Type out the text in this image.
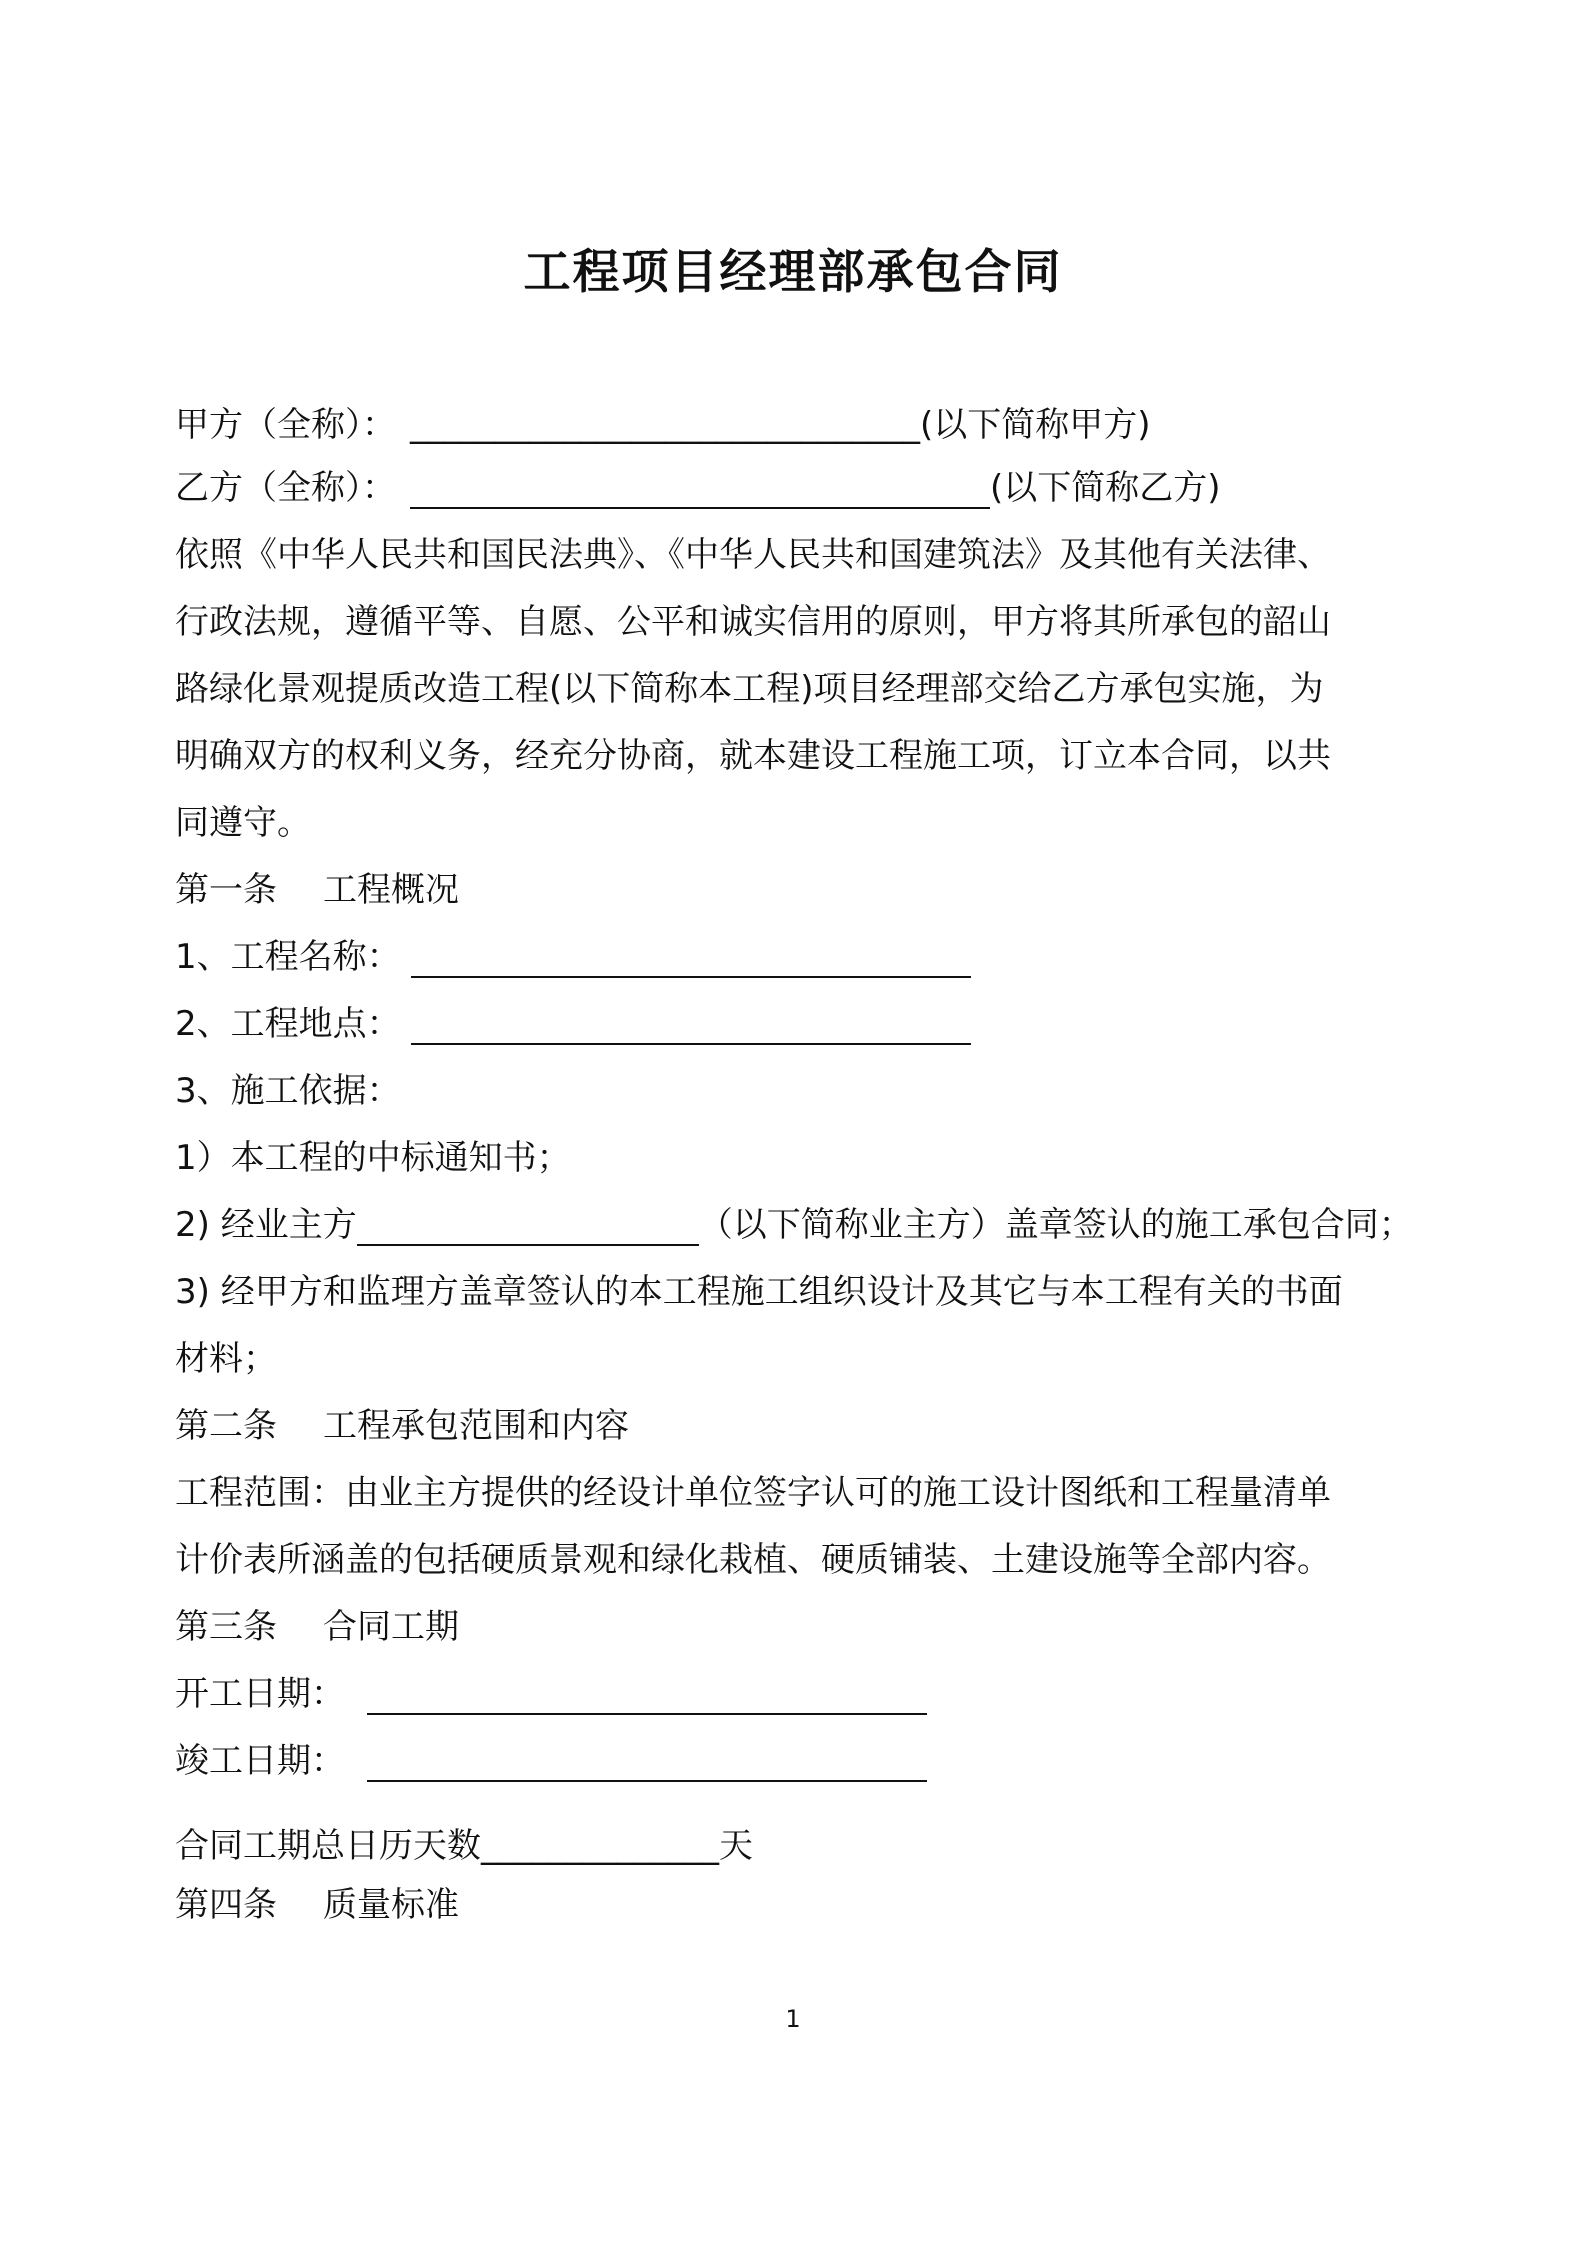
工程项目经理部承包合同
甲方（全称）： ______________________________(以下简称甲方)
乙方（全称）：	(以下简称乙方)
依照《中华人民共和国民法典》、《中华人民共和国建筑法》及其他有关法律、
行政法规，遵循平等、自愿、公平和诚实信用的原则，甲方将其所承包的韶山
路绿化景观提质改造工程(以下简称本工程)项目经理部交给乙方承包实施，为
明确双方的权利义务，经充分协商，就本建设工程施工项，订立本合同，以共
同遵守。
第一条 工程概况
1、工程名称：
2、工程地点：
3、施工依据：
1）本工程的中标通知书；
2) 经业主方	（以下简称业主方）盖章签认的施工承包合同；
3) 经甲方和监理方盖章签认的本工程施工组织设计及其它与本工程有关的书面
材料；
第二条 工程承包范围和内容
工程范围：由业主方提供的经设计单位签字认可的施工设计图纸和工程量清单
计价表所涵盖的包括硬质景观和绿化栽植、硬质铺装、土建设施等全部内容。
第三条 合同工期
开工日期：
竣工日期：
合同工期总日历天数______________天
第四条 质量标准
1
